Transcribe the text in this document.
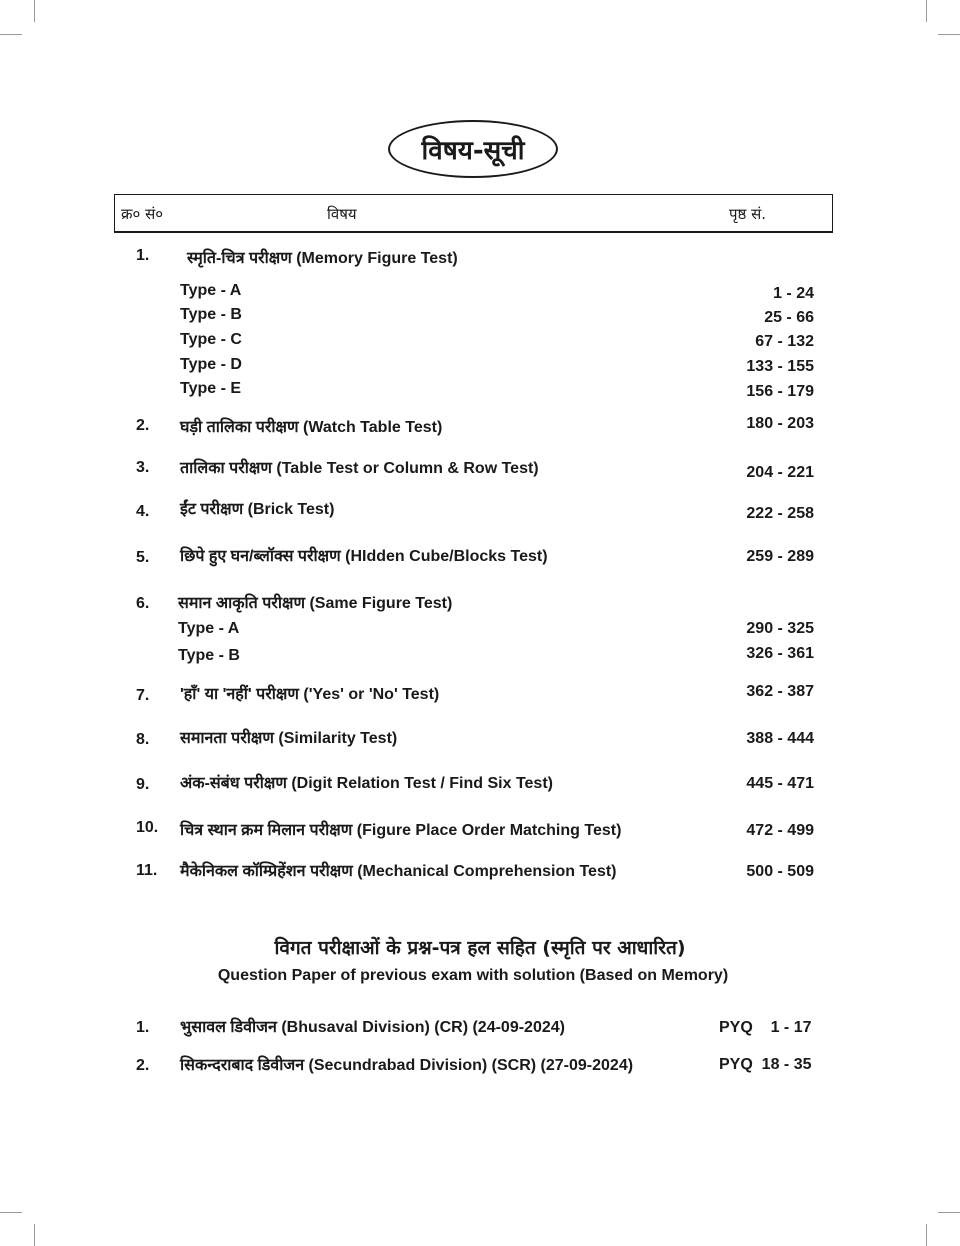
विषय-सूची
क्र० सं०	विषय	पृष्ठ सं.
1. स्मृति-चित्र परीक्षण (Memory Figure Test)
Type - A	1 - 24
Type - B	25 - 66
Type - C	67 - 132
Type - D	133 - 155
Type - E	156 - 179
2. घड़ी तालिका परीक्षण (Watch Table Test)	180 - 203
3. तालिका परीक्षण (Table Test or Column & Row Test)	204 - 221
4. ईंट परीक्षण (Brick Test)	222 - 258
5. छिपे हुए घन/ब्लॉक्स परीक्षण (HIdden Cube/Blocks Test)	259 - 289
6. समान आकृति परीक्षण (Same Figure Test)
Type - A	290 - 325
Type - B	326 - 361
7. 'हाँ' या 'नहीं' परीक्षण ('Yes' or 'No' Test)	362 - 387
8. समानता परीक्षण (Similarity Test)	388 - 444
9. अंक-संबंध परीक्षण (Digit Relation Test / Find Six Test)	445 - 471
10. चित्र स्थान क्रम मिलान परीक्षण (Figure Place Order Matching Test)	472 - 499
11. मैकेनिकल कॉम्प्रिहेंशन परीक्षण (Mechanical Comprehension Test)	500 - 509
विगत परीक्षाओं के प्रश्न-पत्र हल सहित (स्मृति पर आधारित)
Question Paper of previous exam with solution (Based on Memory)
1. भुसावल डिवीजन (Bhusaval Division) (CR) (24-09-2024)	PYQ    1 - 17
2. सिकन्दराबाद डिवीजन (Secundrabad Division) (SCR) (27-09-2024)	PYQ  18 - 35
